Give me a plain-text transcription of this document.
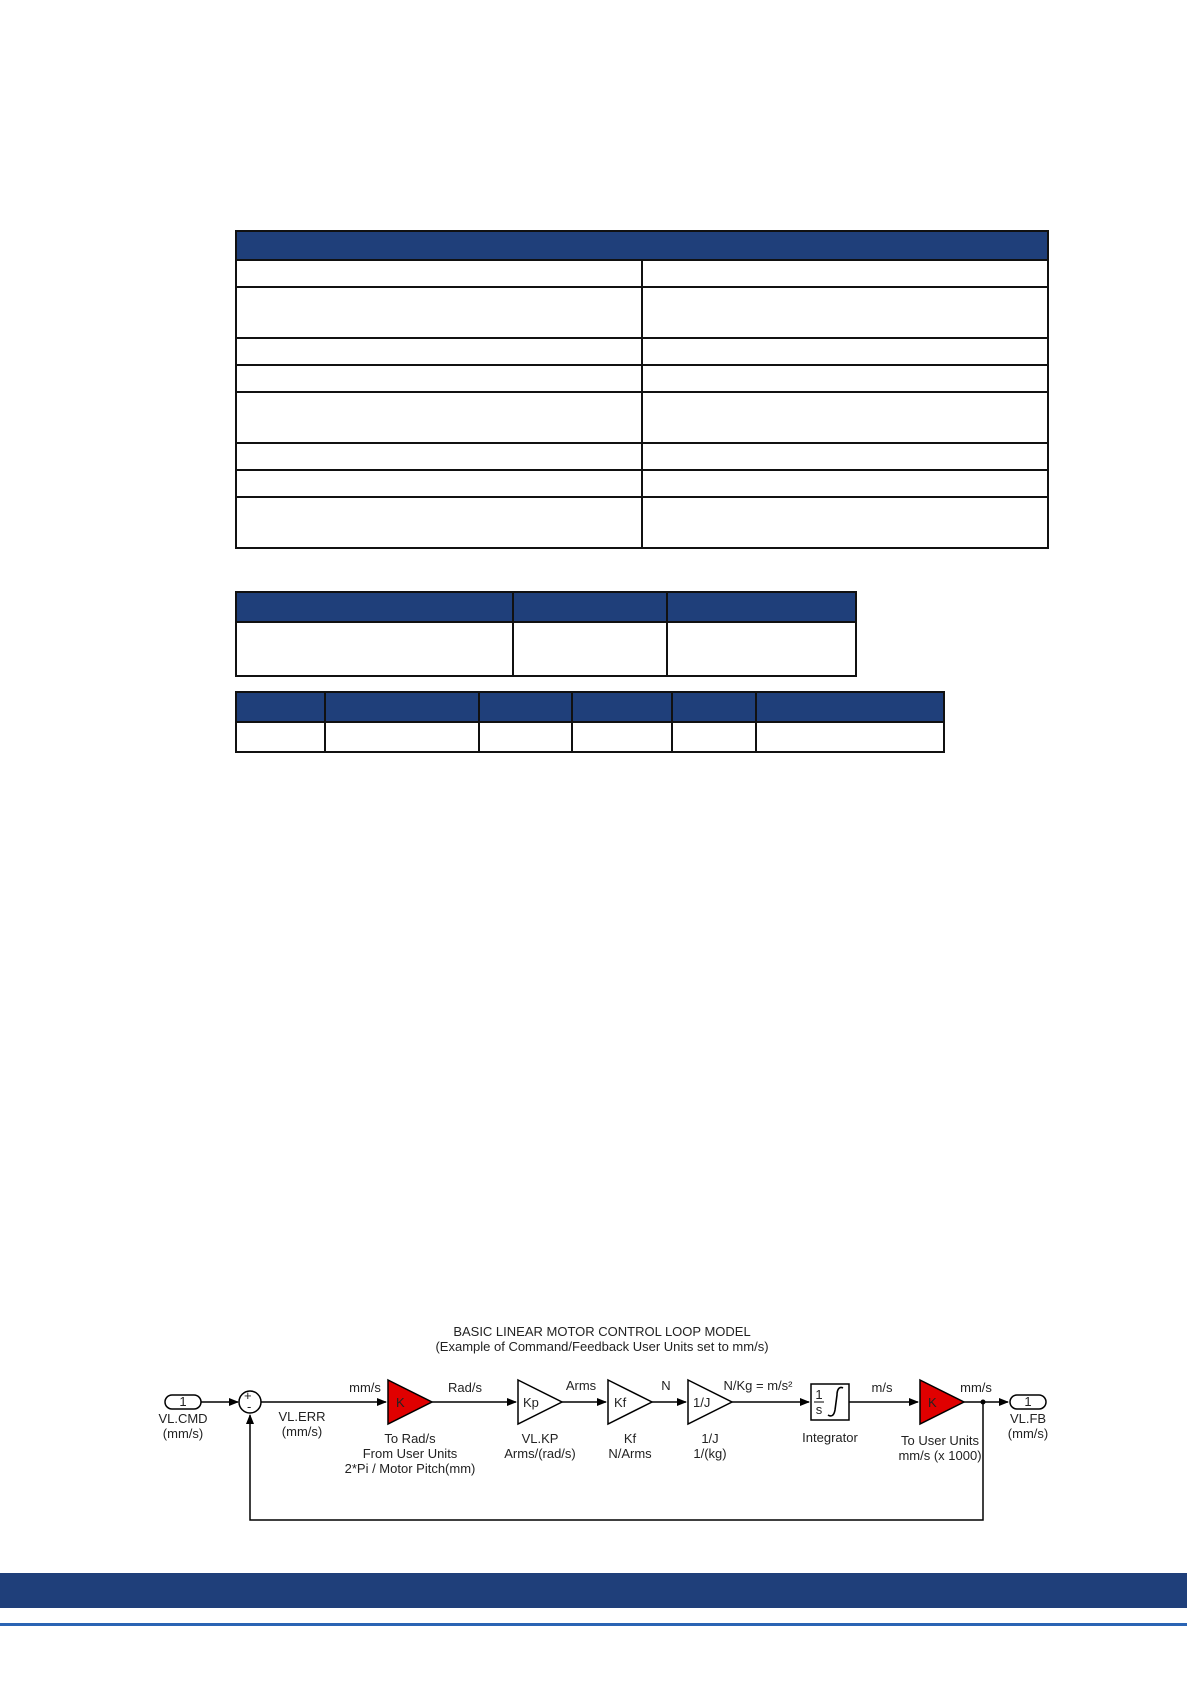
BASIC LINEAR MOTOR CONTROL LOOP MODEL
(Example of Command/Feedback User Units set to mm/s)
1
VL.CMD
(mm/s)
+
-
VL.ERR
(mm/s)
mm/s
K
To Rad/s
From User Units
2*Pi / Motor Pitch(mm)
Rad/s
Kp
VL.KP
Arms/(rad/s)
Arms
Kf
Kf
N/Arms
N
1/J
1/J
1/(kg)
N/Kg = m/s²
1
s
Integrator
m/s
K
To User Units
mm/s (x 1000)
mm/s
1
VL.FB
(mm/s)
